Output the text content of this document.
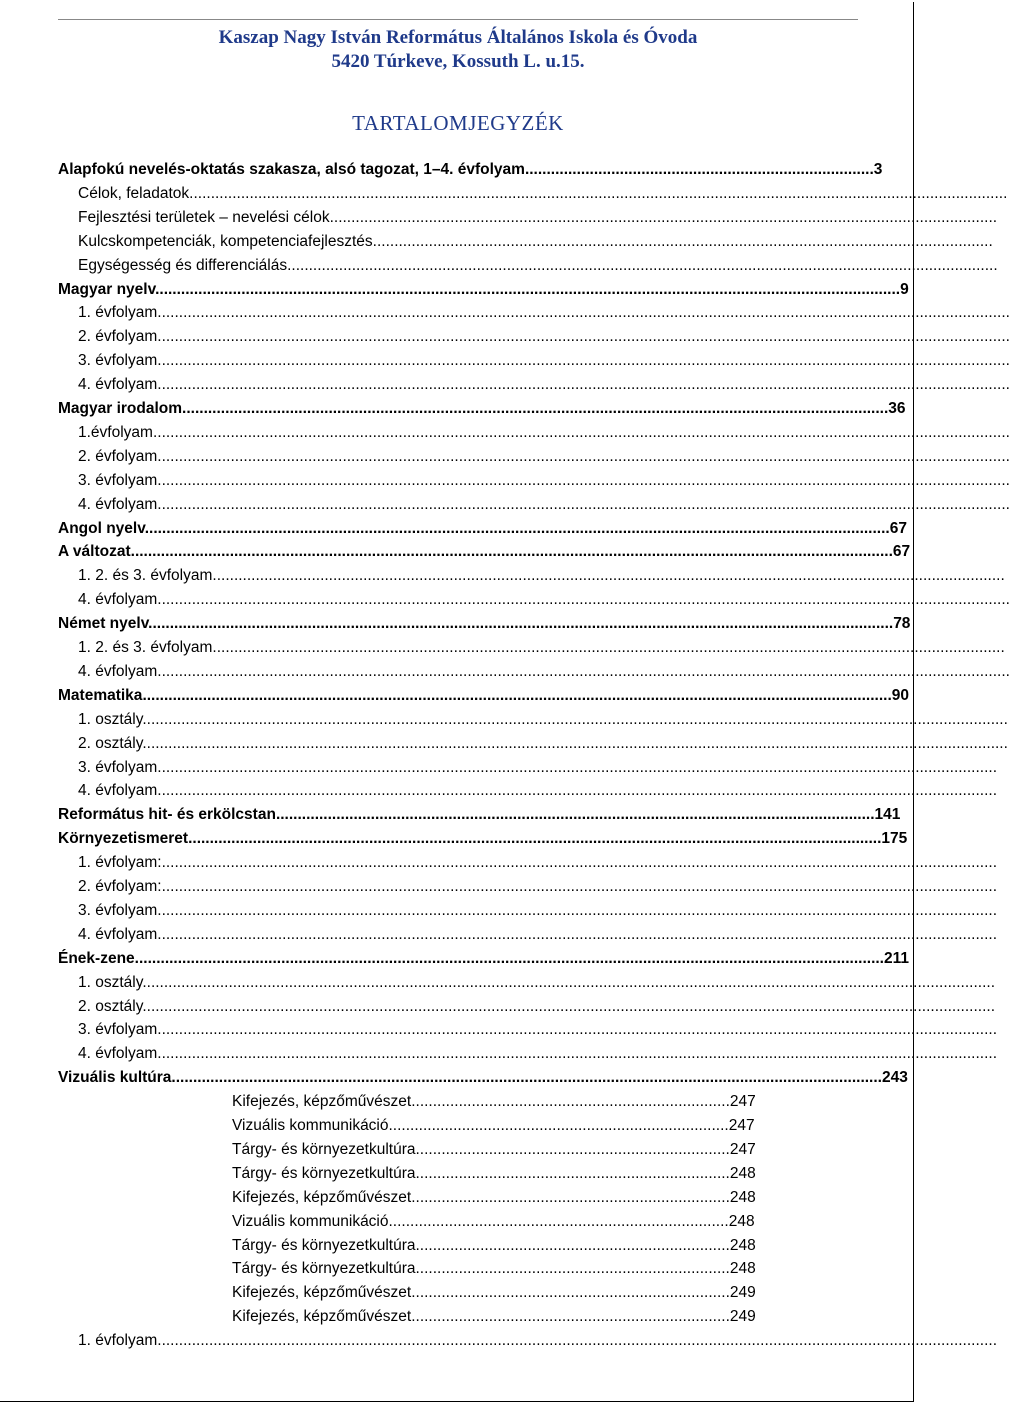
Kaszap Nagy István Református Általános Iskola és Óvoda
5420 Túrkeve, Kossuth L. u.15.
TARTALOMJEGYZÉK
Alapfokú nevelés-oktatás szakasza, alsó tagozat, 1–4. évfolyam.................................................................................3
Célok, feladatok..............................................................................................................................................................................................
Fejlesztési területek – nevelési célok...........................................................................................................................................................
Kulcskompetenciák, kompetenciafejlesztés................................................................................................................................................
Egységesség és differenciálás.....................................................................................................................................................................
Magyar nyelv.............................................................................................................................................................................9
1. évfolyam......................................................................................................................................................................................................
2. évfolyam......................................................................................................................................................................................................
3. évfolyam......................................................................................................................................................................................................
4. évfolyam......................................................................................................................................................................................................
Magyar irodalom....................................................................................................................................................................36
1.évfolyam.......................................................................................................................................................................................................
2. évfolyam......................................................................................................................................................................................................
3. évfolyam......................................................................................................................................................................................................
4. évfolyam......................................................................................................................................................................................................
Angol nyelv.............................................................................................................................................................................67
A változat.................................................................................................................................................................................67
1. 2. és 3. évfolyam........................................................................................................................................................................................
4. évfolyam......................................................................................................................................................................................................
Német nyelv.............................................................................................................................................................................78
1. 2. és 3. évfolyam........................................................................................................................................................................................
4. évfolyam......................................................................................................................................................................................................
Matematika..............................................................................................................................................................................90
1. osztály.........................................................................................................................................................................................................
2. osztály.........................................................................................................................................................................................................
3. évfolyam...................................................................................................................................................................................................
4. évfolyam...................................................................................................................................................................................................
Református hit- és erkölcstan...........................................................................................................................................141
Környezetismeret.................................................................................................................................................................175
1. évfolyam:..................................................................................................................................................................................................
2. évfolyam:..................................................................................................................................................................................................
3. évfolyam...................................................................................................................................................................................................
4. évfolyam...................................................................................................................................................................................................
Ének-zene..............................................................................................................................................................................211
1. osztály......................................................................................................................................................................................................
2. osztály......................................................................................................................................................................................................
3. évfolyam...................................................................................................................................................................................................
4. évfolyam...................................................................................................................................................................................................
Vizuális kultúra.....................................................................................................................................................................243
Kifejezés, képzőművészet..........................................................................247
Vizuális kommunikáció...............................................................................247
Tárgy- és környezetkultúra.........................................................................247
Tárgy- és környezetkultúra.........................................................................248
Kifejezés, képzőművészet..........................................................................248
Vizuális kommunikáció...............................................................................248
Tárgy- és környezetkultúra.........................................................................248
Tárgy- és környezetkultúra.........................................................................248
Kifejezés, képzőművészet..........................................................................249
Kifejezés, képzőművészet..........................................................................249
1. évfolyam...................................................................................................................................................................................................
